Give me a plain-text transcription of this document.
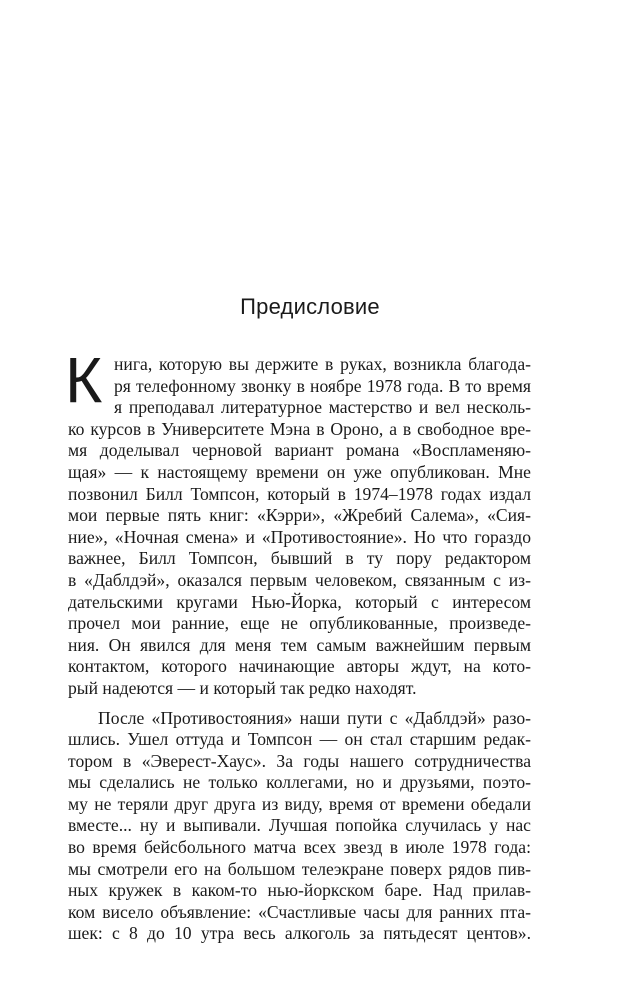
Предисловие
К нига, которую вы держите в руках, возникла благода-
ря телефонному звонку в ноябре 1978 года. В то время
я преподавал литературное мастерство и вел несколь-
ко курсов в Университете Мэна в Ороно, а в свободное вре-
мя доделывал черновой вариант романа «Воспламеняю-
щая» — к настоящему времени он уже опубликован. Мне
позвонил Билл Томпсон, который в 1974–1978 годах издал
мои первые пять книг: «Кэрри», «Жребий Салема», «Сия-
ние», «Ночная смена» и «Противостояние». Но что гораздо
важнее, Билл Томпсон, бывший в ту пору редактором
в «Даблдэй», оказался первым человеком, связанным с из-
дательскими кругами Нью-Йорка, который с интересом
прочел мои ранние, еще не опубликованные, произведе-
ния. Он явился для меня тем самым важнейшим первым
контактом, которого начинающие авторы ждут, на кото-
рый надеются — и который так редко находят.
После «Противостояния» наши пути с «Даблдэй» разо-
шлись. Ушел оттуда и Томпсон — он стал старшим редак-
тором в «Эверест-Хаус». За годы нашего сотрудничества
мы сделались не только коллегами, но и друзьями, поэто-
му не теряли друг друга из виду, время от времени обедали
вместе... ну и выпивали. Лучшая попойка случилась у нас
во время бейсбольного матча всех звезд в июле 1978 года:
мы смотрели его на большом телеэкране поверх рядов пив-
ных кружек в каком-то нью-йоркском баре. Над прилав-
ком висело объявление: «Счастливые часы для ранних пта-
шек: с 8 до 10 утра весь алкоголь за пятьдесят центов».
